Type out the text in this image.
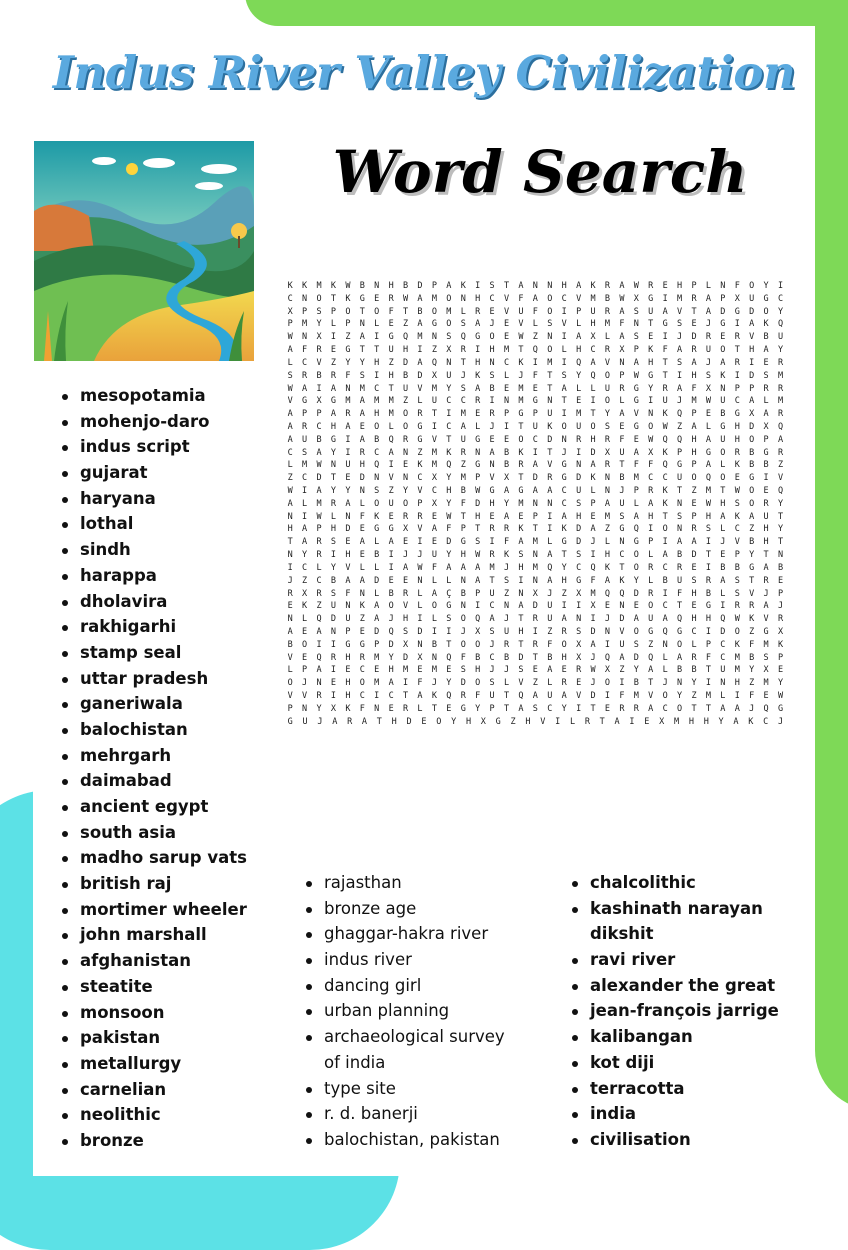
Indus River Valley Civilization
Word Search
K	K	M	K	W	B	N	H	B	D	P	A	K	I	S	T	A	N	N	H	A	K	R	A	W	R	E	H	P	L	N	F	O	Y	I
C	N	O	T	K	G	E	R	W	A	M	O	N	H	C	V	F	A	O	C	V	M	B	W	X	G	I	M	R	A	P	X	U	G	C
X	P	S	P	O	T	O	F	T	B	O	M	L	R	E	V	U	F	O	I	P	U	R	A	S	U	A	V	T	A	D	G	D	O	Y
P	M	Y	L	P	N	L	E	Z	A	G	O	S	A	J	E	V	L	S	V	L	H	M	F	N	T	G	S	E	J	G	I	A	K	Q
W	N	X	I	Z	A	I	G	Q	M	N	S	Q	G	O	E	W	Z	N	I	A	X	L	A	S	E	I	J	D	R	E	R	V	B	U
A	F	R	E	G	T	T	U	H	I	Z	X	R	I	H	M	T	Q	O	L	H	C	R	X	P	K	F	A	R	U	O	T	H	A	Y
L	C	V	Z	Y	Y	H	Z	D	A	Q	N	T	H	N	C	K	I	M	I	Q	A	V	N	A	H	T	S	A	J	A	R	I	E	R
S	R	B	R	F	S	I	H	B	D	X	U	J	K	S	L	J	F	T	S	Y	Q	O	P	W	G	T	I	H	S	K	I	D	S	M
W	A	I	A	N	M	C	T	U	V	M	Y	S	A	B	E	M	E	T	A	L	L	U	R	G	Y	R	A	F	X	N	P	P	R	R
V	G	X	G	M	A	M	M	Z	L	U	C	C	R	I	N	M	G	N	T	E	I	O	L	G	I	U	J	M	W	U	C	A	L	M
A	P	P	A	R	A	H	M	O	R	T	I	M	E	R	P	G	P	U	I	M	T	Y	A	V	N	K	Q	P	E	B	G	X	A	R
A	R	C	H	A	E	O	L	O	G	I	C	A	L	J	I	T	U	K	O	U	O	S	E	G	O	W	Z	A	L	G	H	D	X	Q
A	U	B	G	I	A	B	Q	R	G	V	T	U	G	E	E	O	C	D	N	R	H	R	F	E	W	Q	Q	H	A	U	H	O	P	A
C	S	A	Y	I	R	C	A	N	Z	M	K	R	N	A	B	K	I	T	J	I	D	X	U	A	X	K	P	H	G	O	R	B	G	R
L	M	W	N	U	H	Q	I	E	K	M	Q	Z	G	N	B	R	A	V	G	N	A	R	T	F	F	Q	G	P	A	L	K	B	B	Z
Z	C	D	T	E	D	N	V	N	C	X	Y	M	P	V	X	T	D	R	G	D	K	N	B	M	C	C	U	O	Q	O	E	G	I	V
W	I	A	Y	Y	N	S	Z	Y	V	C	H	B	W	G	A	G	A	A	C	U	L	N	J	P	R	K	T	Z	M	T	W	O	E	Q
A	L	M	R	A	L	O	U	O	P	X	Y	F	D	H	Y	M	N	N	C	S	P	A	U	L	A	K	N	E	W	H	S	O	R	Y
N	I	W	L	N	F	K	E	R	R	E	W	T	H	E	A	E	P	I	A	H	E	M	S	A	H	T	S	P	H	A	K	A	U	T
H	A	P	H	D	E	G	G	X	V	A	F	P	T	R	R	K	T	I	K	D	A	Z	G	Q	I	O	N	R	S	L	C	Z	H	Y
T	A	R	S	E	A	L	A	E	I	E	D	G	S	I	F	A	M	L	G	D	J	L	N	G	P	I	A	A	I	J	V	B	H	T
N	Y	R	I	H	E	B	I	J	J	U	Y	H	W	R	K	S	N	A	T	S	I	H	C	O	L	A	B	D	T	E	P	Y	T	N
I	C	L	Y	V	L	L	I	A	W	F	A	A	A	M	J	H	M	Q	Y	C	Q	K	T	O	R	C	R	E	I	B	B	G	A	B
J	Z	C	B	A	A	D	E	E	N	L	L	N	A	T	S	I	N	A	H	G	F	A	K	Y	L	B	U	S	R	A	S	T	R	E
R	X	R	S	F	N	L	B	R	L	A	Ç	B	P	U	Z	N	X	J	Z	X	M	Q	Q	D	R	I	F	H	B	L	S	V	J	P
E	K	Z	U	N	K	A	O	V	L	O	G	N	I	C	N	A	D	U	I	I	X	E	N	E	O	C	T	E	G	I	R	R	A	J
N	L	Q	D	U	Z	A	J	H	I	L	S	O	Q	A	J	T	R	U	A	N	I	J	D	A	U	A	Q	H	H	Q	W	K	V	R
A	E	A	N	P	E	D	Q	S	D	I	I	J	X	S	U	H	I	Z	R	S	D	N	V	O	G	Q	G	C	I	D	O	Z	G	X
B	O	I	I	G	G	P	D	X	N	B	T	O	O	J	R	T	R	F	O	X	A	I	U	S	Z	N	O	L	P	C	K	F	M	K
V	E	Q	R	H	R	M	Y	D	X	N	Q	F	B	C	B	D	T	B	H	X	J	Q	A	D	Q	L	A	R	F	C	M	B	S	P
L	P	A	I	E	C	E	H	M	E	M	E	S	H	J	J	S	E	A	E	R	W	X	Z	Y	A	L	B	B	T	U	M	Y	X	E
O	J	N	E	H	O	M	A	I	F	J	Y	D	O	S	L	V	Z	L	R	E	J	O	I	B	T	J	N	Y	I	N	H	Z	M	Y
V	V	R	I	H	C	I	C	T	A	K	Q	R	F	U	T	Q	A	U	A	V	D	I	F	M	V	O	Y	Z	M	L	I	F	E	W
P	N	Y	X	K	F	N	E	R	L	T	E	G	Y	P	T	A	S	C	Y	I	T	E	R	R	A	C	O	T	T	A	A	J	Q	G
G	U	J	A	R	A	T	H	D	E	O	Y	H	X	G	Z	H	V	I	L	R	T	A	I	E	X	M	H	H	Y	A	K	C	J
mesopotamia
mohenjo-daro
indus script
gujarat
haryana
lothal
sindh
harappa
dholavira
rakhigarhi
stamp seal
uttar pradesh
ganeriwala
balochistan
mehrgarh
daimabad
ancient egypt
south asia
madho sarup vats
british raj
mortimer wheeler
john marshall
afghanistan
steatite
monsoon
pakistan
metallurgy
carnelian
neolithic
bronze
rajasthan
bronze age
ghaggar-hakra river
indus river
dancing girl
urban planning
archaeological survey
of india
type site
r. d. banerji
balochistan, pakistan
chalcolithic
kashinath narayan
dikshit
ravi river
alexander the great
jean-françois jarrige
kalibangan
kot diji
terracotta
india
civilisation
